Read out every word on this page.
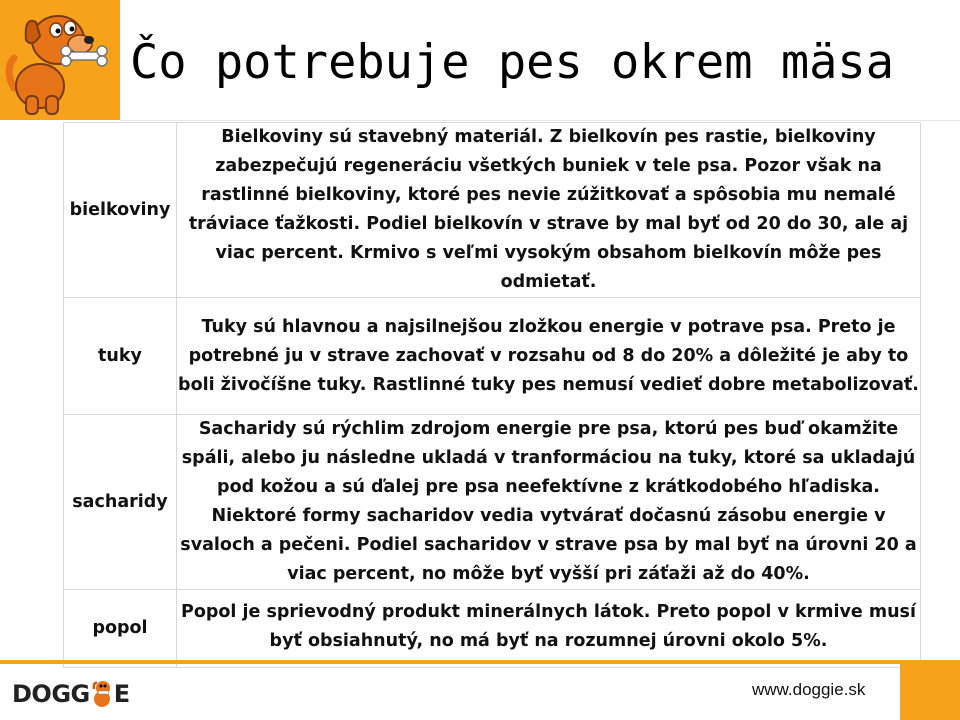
Čo potrebuje pes okrem mäsa
bielkoviny	Bielkoviny sú stavebný materiál. Z bielkovín pes rastie, bielkoviny zabezpečujú regeneráciu všetkých buniek v tele psa. Pozor však na rastlinné bielkoviny, ktoré pes nevie zúžitkovať a spôsobia mu nemalé tráviace ťažkosti. Podiel bielkovín v strave by mal byť od 20 do 30, ale aj viac percent. Krmivo s veľmi vysokým obsahom bielkovín môže pes odmietať.
tuky	Tuky sú hlavnou a najsilnejšou zložkou energie v potrave psa. Preto je potrebné ju v strave zachovať v rozsahu od 8 do 20% a dôležité je aby to boli živočíšne tuky. Rastlinné tuky pes nemusí vedieť dobre metabolizovať.
sacharidy	Sacharidy sú rýchlim zdrojom energie pre psa, ktorú pes buď okamžite spáli, alebo ju následne ukladá v tranformáciou na tuky, ktoré sa ukladajú pod kožou a sú ďalej pre psa neefektívne z krátkodobého hľadiska. Niektoré formy sacharidov vedia vytvárať dočasnú zásobu energie v svaloch a pečeni. Podiel sacharidov v strave psa by mal byť na úrovni 20 a viac percent, no môže byť vyšší pri záťaži až do 40%.
popol	Popol je sprievodný produkt minerálnych látok. Preto popol v krmive musí byť obsiahnutý, no má byť na rozumnej úrovni okolo 5%.
DOGG E	www.doggie.sk
